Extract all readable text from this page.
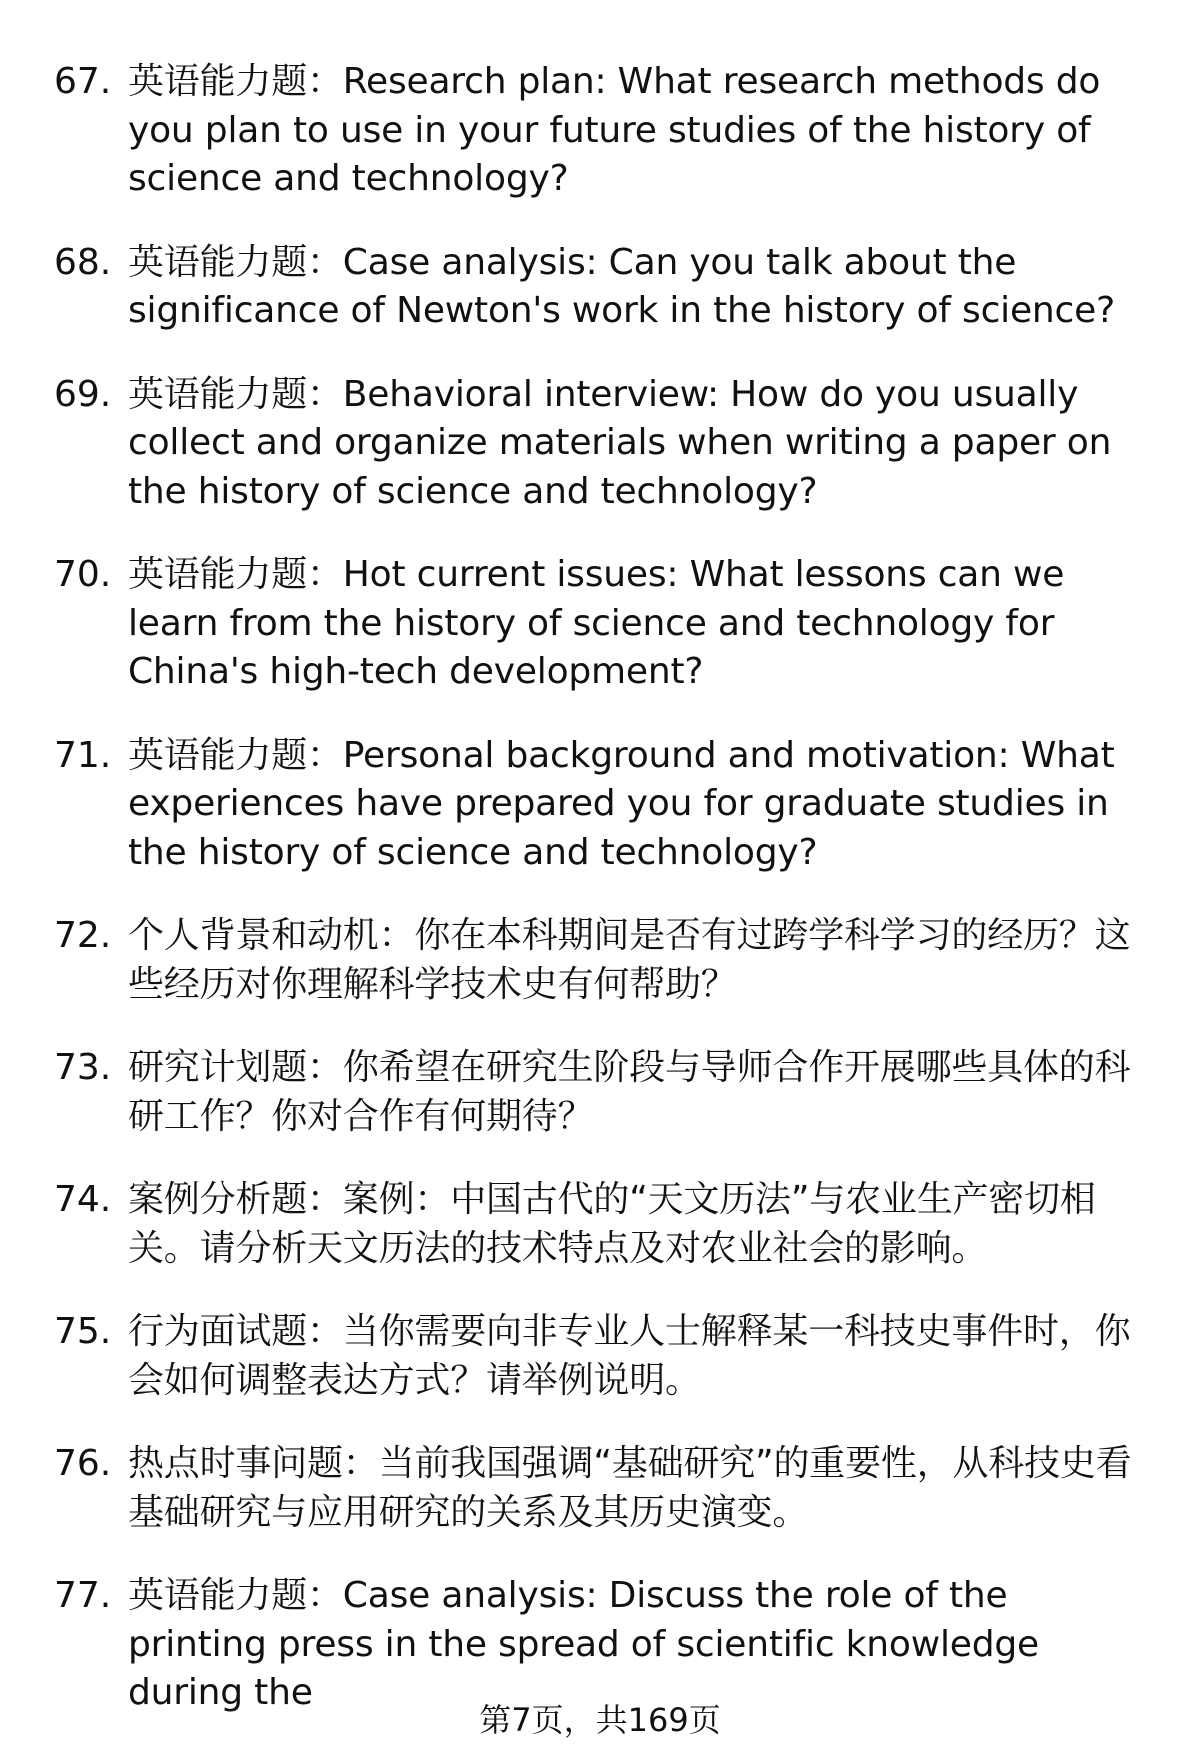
67. 英语能力题：Research plan: What research methods do you plan to use in your future studies of the history of science and technology?
68. 英语能力题：Case analysis: Can you talk about the significance of Newton's work in the history of science?
69. 英语能力题：Behavioral interview: How do you usually collect and organize materials when writing a paper on the history of science and technology?
70. 英语能力题：Hot current issues: What lessons can we learn from the history of science and technology for China's high-tech development?
71. 英语能力题：Personal background and motivation: What experiences have prepared you for graduate studies in the history of science and technology?
72. 个人背景和动机：你在本科期间是否有过跨学科学习的经历？这些经历对你理解科学技术史有何帮助？
73. 研究计划题：你希望在研究生阶段与导师合作开展哪些具体的科研工作？你对合作有何期待？
74. 案例分析题：案例：中国古代的“天文历法”与农业生产密切相关。请分析天文历法的技术特点及对农业社会的影响。
75. 行为面试题：当你需要向非专业人士解释某一科技史事件时，你会如何调整表达方式？请举例说明。
76. 热点时事问题：当前我国强调“基础研究”的重要性，从科技史看基础研究与应用研究的关系及其历史演变。
77. 英语能力题：Case analysis: Discuss the role of the printing press in the spread of scientific knowledge during the
第7页，共169页
